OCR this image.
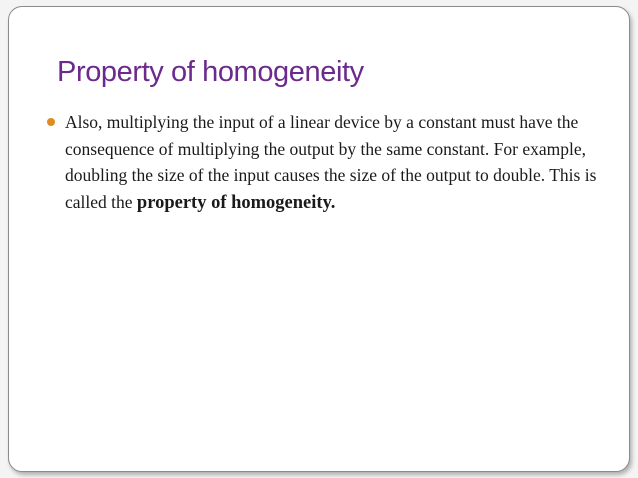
Property of homogeneity
Also, multiplying the input of a linear device by a constant must have the consequence of multiplying the output by the same constant. For example, doubling the size of the input causes the size of the output to double. This is called the property of homogeneity.
